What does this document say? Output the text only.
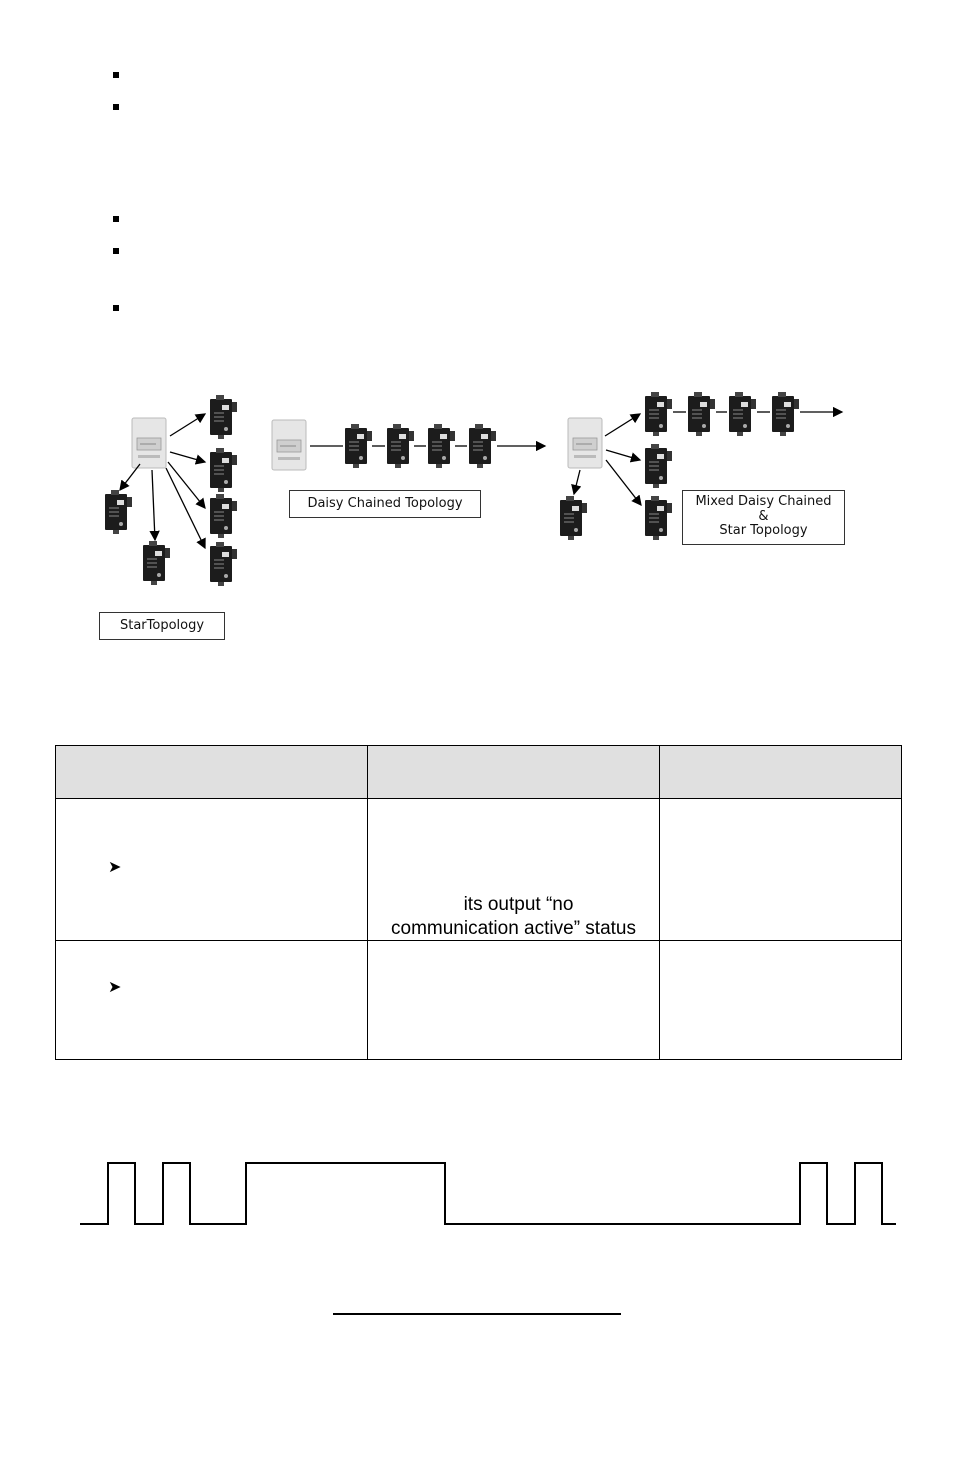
Daisy Chained Topology	Mixed Daisy Chained
&
Star Topology
StarTopology

➤	its output “no
communication active” status	

➤		
